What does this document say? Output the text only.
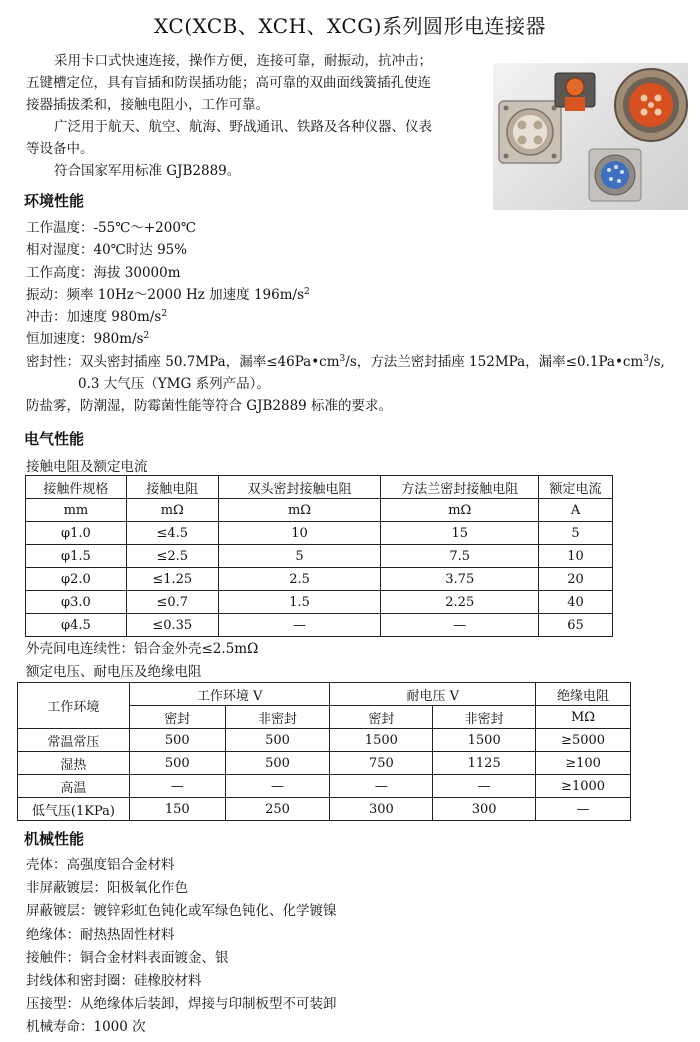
XC(XCB、XCH、XCG)系列圆形电连接器

采用卡口式快速连接，操作方便，连接可靠，耐振动，抗冲击；

五键槽定位，具有盲插和防误插功能；高可靠的双曲面线簧插孔使连

接器插拔柔和，接触电阻小，工作可靠。

广泛用于航天、航空、航海、野战通讯、铁路及各种仪器、仪表

等设备中。

符合国家军用标准 GJB2889。

环境性能
工作温度：-55℃～+200℃
相对湿度：40℃时达 95%
工作高度：海拔 30000m
振动：频率 10Hz～2000 Hz 加速度 $196m/s^2$
冲击：加速度 $980m/s^2$
恒加速度：$980m/s^2$
密封性：双头密封插座 50.7MPa，漏率$\le 46Pa•cm^3/s$，方法兰密封插座 152MPa，漏率$\le 0.1Pa•cm^3/s$,
0.3 大气压（YMG 系列产品）。
防盐雾，防潮湿，防霉菌性能等符合 GJB2889 标准的要求。
电气性能
接触电阻及额定电流
接触件规格	接触电阻	双头密封接触电阻	方法兰密封接触电阻	额定电流
mm	mΩ	mΩ	mΩ	A
φ1.0	≤4.5	10	15	5
φ1.5	≤2.5	5	7.5	10
φ2.0	≤1.25	2.5	3.75	20
φ3.0	≤0.7	1.5	2.25	40
φ4.5	≤0.35	—	—	65
外壳间电连续性：铝合金外壳≤2.5mΩ
额定电压、耐电压及绝缘电阻
工作环境	工作环境 V		耐电压 V		绝缘电阻
	密封	非密封	密封	非密封	MΩ
常温常压	500	500	1500	1500	≥5000
湿热	500	500	750	1125	≥100
高温	—	—	—	—	≥1000
低气压(1KPa)	150	250	300	300	—
机械性能
壳体：高强度铝合金材料
非屏蔽镀层：阳极氧化作色
屏蔽镀层：镀锌彩虹色钝化或军绿色钝化、化学镀镍
绝缘体：耐热热固性材料
接触件：铜合金材料表面镀金、银
封线体和密封圈：硅橡胶材料
压接型：从绝缘体后装卸，焊接与印制板型不可装卸
机械寿命：1000 次
